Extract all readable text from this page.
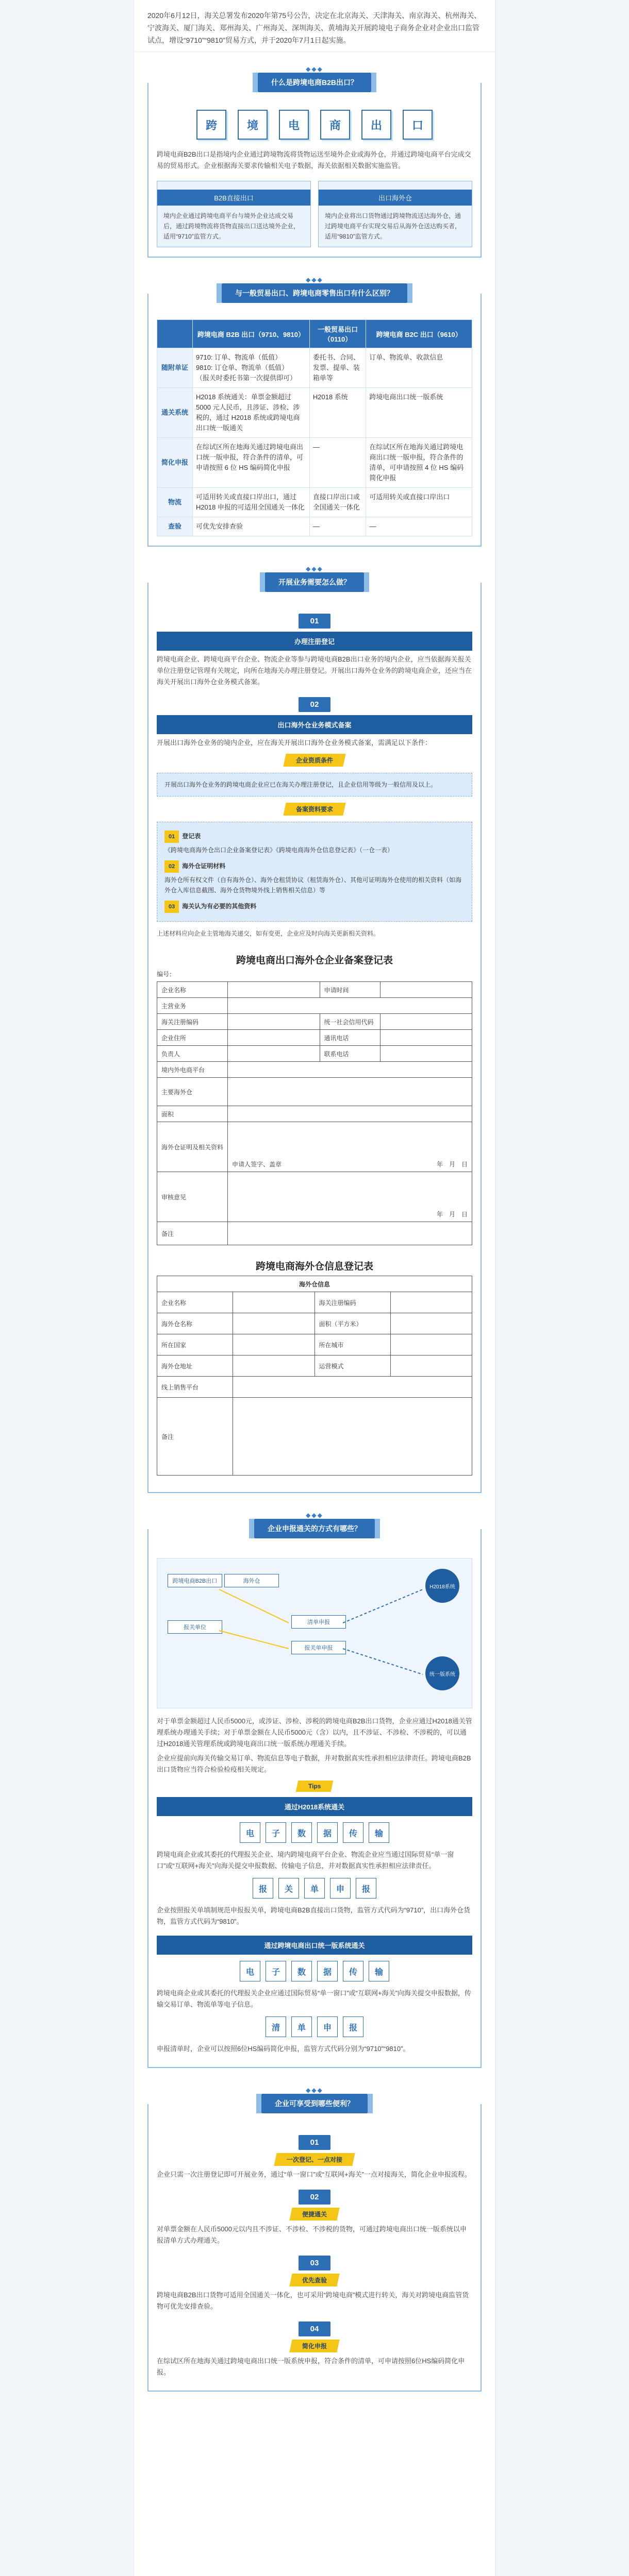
2020年6月12日，海关总署发布2020年第75号公告，决定在北京海关、天津海关、南京海关、杭州海关、宁波海关、厦门海关、郑州海关、广州海关、深圳海关、黄埔海关开展跨境电子商务企业对企业出口监管试点，增设“9710”“9810”贸易方式，并于2020年7月1日起实施。
◆◆◆
什么是跨境电商B2B出口？
跨	境	电	商	出	口
跨境电商B2B出口是指境内企业通过跨境物流将货物运送至境外企业或海外仓，并通过跨境电商平台完成交易的贸易形式。企业根据海关要求传输相关电子数据，海关依据相关数据实施监管。
B2B直接出口
境内企业通过跨境电商平台与境外企业达成交易后，通过跨境物流将货物直接出口送达境外企业，适用“9710”监管方式。
出口海外仓
境内企业将出口货物通过跨境物流送达海外仓，通过跨境电商平台实现交易后从海外仓送达购买者，适用“9810”监管方式。
◆◆◆
与一般贸易出口、跨境电商零售出口有什么区别？
	跨境电商 B2B 出口（9710、9810）	一般贸易出口（0110）	跨境电商 B2C 出口（9610）
随附单证	9710: 订单、物流单（低值）
9810: 订仓单、物流单（低值）
（报关时委托书第一次提供即可）	委托书、合同、发票、提单、装箱单等	订单、物流单、收款信息
通关系统	H2018 系统通关：单票金额超过 5000 元人民币，且涉证、涉检、涉税的，通过 H2018 系统或跨境电商出口统一版通关	H2018 系统	跨境电商出口统一版系统
简化申报	在综试区所在地海关通过跨境电商出口统一版申报，符合条件的清单，可申请按照 6 位 HS 编码简化申报	—	在综试区所在地海关通过跨境电商出口统一版申报，符合条件的清单，可申请按照 4 位 HS 编码简化申报
物流	可适用转关或直接口岸出口，通过 H2018 申报的可适用全国通关一体化	直接口岸出口或全国通关一体化	可适用转关或直接口岸出口
查验	可优先安排查验	—	—
◆◆◆
开展业务需要怎么做？
01
办理注册登记
跨境电商企业、跨境电商平台企业、物流企业等参与跨境电商B2B出口业务的境内企业，应当依据海关报关单位注册登记管理有关规定，向所在地海关办理注册登记。开展出口海外仓业务的跨境电商企业，还应当在海关开展出口海外仓业务模式备案。
02
出口海外仓业务模式备案
开展出口海外仓业务的境内企业，应在海关开展出口海外仓业务模式备案，需满足以下条件：
企业资质条件
开展出口海外仓业务的跨境电商企业应已在海关办理注册登记，且企业信用等级为一般信用及以上。
备案资料要求
01 登记表
《跨境电商海外仓出口企业备案登记表》《跨境电商海外仓信息登记表》（一仓一表）
02 海外仓证明材料
海外仓所有权文件（自有海外仓）、海外仓租赁协议（租赁海外仓）、其他可证明海外仓使用的相关资料（如海外仓入库信息截图、海外仓货物境外线上销售相关信息）等
03 海关认为有必要的其他资料
上述材料应向企业主管地海关递交，如有变更，企业应及时向海关更新相关资料。
跨境电商出口海外仓企业备案登记表
编号：
企业名称	申请时间
主营业务
海关注册编码	统一社会信用代码
企业住所	通讯电话
负责人	联系电话
境内外电商平台
主要海外仓
面积
海外仓证明及相关资料
申请人签字、盖章	年　月　日
审核意见
年　月　日
备注
跨境电商海外仓信息登记表
海外仓信息
企业名称	海关注册编码
海外仓名称	面积（平方米）
所在国家	所在城市
海外仓地址	运营模式
线上销售平台
备注
◆◆◆
企业申报通关的方式有哪些？
跨境电商B2B出口	海外仓
报关单位
H2018系统
统一版系统
清单申报
报关单申报
对于单票金额超过人民币5000元，或涉证、涉检、涉税的跨境电商B2B出口货物，企业应通过H2018通关管理系统办理通关手续；对于单票金额在人民币5000元（含）以内，且不涉证、不涉检、不涉税的，可以通过H2018通关管理系统或跨境电商出口统一版系统办理通关手续。
企业应提前向海关传输交易订单、物流信息等电子数据，并对数据真实性承担相应法律责任。跨境电商B2B出口货物应当符合检验检疫相关规定。
Tips
通过H2018系统通关
电	子	数	据	传	输
跨境电商企业或其委托的代理报关企业、境内跨境电商平台企业、物流企业应当通过国际贸易“单一窗口”或“互联网+海关”向海关提交申报数据、传输电子信息，并对数据真实性承担相应法律责任。
报	关	单	申	报
企业按照报关单填制规范申报报关单，跨境电商B2B直接出口货物，监管方式代码为“9710”，出口海外仓货物，监管方式代码为“9810”。
通过跨境电商出口统一版系统通关
电	子	数	据	传	输
跨境电商企业或其委托的代理报关企业应通过国际贸易“单一窗口”或“互联网+海关”向海关提交申报数据，传输交易订单、物流单等电子信息。
清	单	申	报
申报清单时，企业可以按照6位HS编码简化申报，监管方式代码分别为“9710”“9810”。
◆◆◆
企业可享受到哪些便利？
01
一次登记、一点对接
企业只需一次注册登记即可开展业务，通过“单一窗口”或“互联网+海关”一点对接海关，简化企业申报流程。
02
便捷通关
对单票金额在人民币5000元以内且不涉证、不涉检、不涉税的货物，可通过跨境电商出口统一版系统以申报清单方式办理通关。
03
优先查验
跨境电商B2B出口货物可适用全国通关一体化，也可采用“跨境电商”模式进行转关，海关对跨境电商监管货物可优先安排查验。
04
简化申报
在综试区所在地海关通过跨境电商出口统一版系统申报，符合条件的清单，可申请按照6位HS编码简化申报。
